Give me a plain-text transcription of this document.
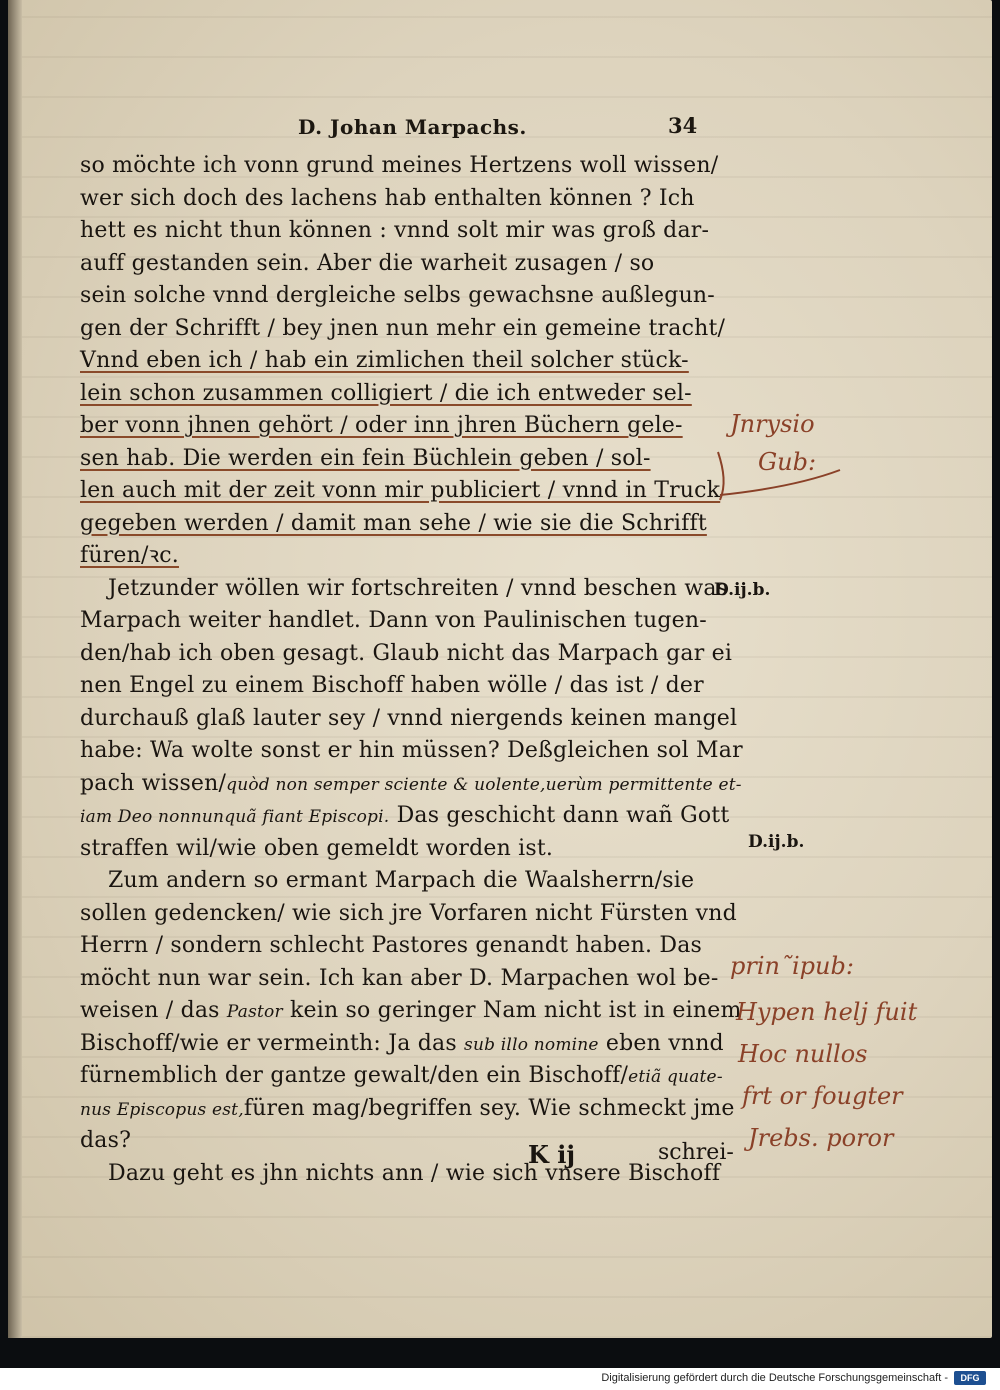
D. Johan Marpachs.	34
so möchte ich vonn grund meines Hertzens woll wissen/
wer sich doch des lachens hab enthalten können ? Ich
hett es nicht thun können : vnnd solt mir was groß dar-
auff gestanden sein. Aber die warheit zusagen / so
sein solche vnnd dergleiche selbs gewachsne außlegun-
gen der Schrifft / bey jnen nun mehr ein gemeine tracht/
Vnnd eben ich / hab ein zimlichen theil solcher stück-
lein schon zusammen colligiert / die ich entweder sel-
ber vonn jhnen gehört / oder inn jhren Büchern gele-
sen hab. Die werden ein fein Büchlein geben / sol-
len auch mit der zeit vonn mir publiciert / vnnd in Truck
gegeben werden / damit man sehe / wie sie die Schrifft
füren/ꝛc.
Jetzunder wöllen wir fortschreiten / vnnd beschen was
Marpach weiter handlet. Dann von Paulinischen tugen-
den/hab ich oben gesagt. Glaub nicht das Marpach gar ei
nen Engel zu einem Bischoff haben wölle / das ist / der
durchauß glaß lauter sey / vnnd niergends keinen mangel
habe: Wa wolte sonst er hin müssen? Deßgleichen sol Mar
pach wissen/quòd non semper sciente & uolente,uerùm permittente et-
iam Deo nonnunquã fiant Episcopi. Das geschicht dann wañ Gott
straffen wil/wie oben gemeldt worden ist.
Zum andern so ermant Marpach die Waalsherrn/sie
sollen gedencken/ wie sich jre Vorfaren nicht Fürsten vnd
Herrn / sondern schlecht Pastores genandt haben. Das
möcht nun war sein. Ich kan aber D. Marpachen wol be-
weisen / das Pastor kein so geringer Nam nicht ist in einem
Bischoff/wie er vermeinth: Ja das sub illo nomine eben vnnd
fürnemblich der gantze gewalt/den ein Bischoff/etiã quate-
nus Episcopus est,füren mag/begriffen sey. Wie schmeckt jme
das?
Dazu geht es jhn nichts ann / wie sich vnsere Bischoff
D.ij.b.
D.ij.b.
Jnrysio
Gub:
prin˜ipub:
Hypen helj fuit
Hoc nullos
frt or fougter
Jrebs. poror
K ij	schrei-
Digitalisierung gefördert durch die Deutsche Forschungsgemeinschaft -	DFG
